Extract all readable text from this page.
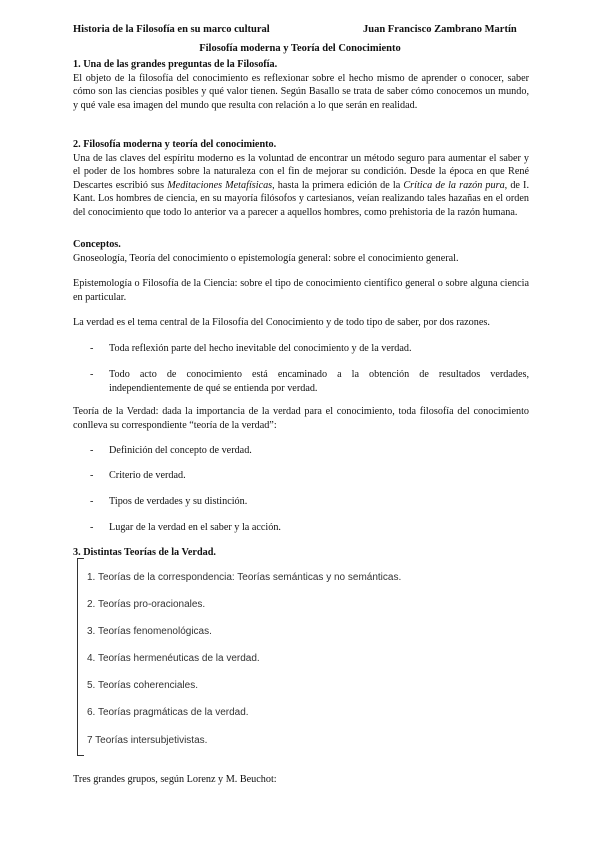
Historia de la Filosofía en su marco cultural	Juan Francisco Zambrano Martín
Filosofía moderna y Teoría del Conocimiento
1. Una de las grandes preguntas de la Filosofía.
El objeto de la filosofía del conocimiento es reflexionar sobre el hecho mismo de aprender o conocer, saber cómo son las ciencias posibles y qué valor tienen. Según Basallo se trata de saber cómo conocemos un mundo, y qué vale esa imagen del mundo que resulta con relación a lo que serán en realidad.
2. Filosofía moderna y teoría del conocimiento.
Una de las claves del espíritu moderno es la voluntad de encontrar un método seguro para aumentar el saber y el poder de los hombres sobre la naturaleza con el fin de mejorar su condición. Desde la época en que René Descartes escribió sus Meditaciones Metafísicas, hasta la primera edición de la Crítica de la razón pura, de I. Kant. Los hombres de ciencia, en su mayoría filósofos y cartesianos, veían realizando tales hazañas en el orden del conocimiento que todo lo anterior va a parecer a aquellos hombres, como prehistoria de la razón humana.
Conceptos.
Gnoseología, Teoría del conocimiento o epistemología general: sobre el conocimiento general.
Epistemología o Filosofía de la Ciencia: sobre el tipo de conocimiento científico general o sobre alguna ciencia en particular.
La verdad es el tema central de la Filosofía del Conocimiento y de todo tipo de saber, por dos razones.
- Toda reflexión parte del hecho inevitable del conocimiento y de la verdad.
- Todo acto de conocimiento está encaminado a la obtención de resultados verdades, independientemente de qué se entienda por verdad.
Teoría de la Verdad: dada la importancia de la verdad para el conocimiento, toda filosofía del conocimiento conlleva su correspondiente “teoría de la verdad”:
- Definición del concepto de verdad.
- Criterio de verdad.
- Tipos de verdades y su distinción.
- Lugar de la verdad en el saber y la acción.
3. Distintas Teorías de la Verdad.
1. Teorías de la correspondencia: Teorías semánticas y no semánticas.
2. Teorías pro-oracionales.
3. Teorías fenomenológicas.
4. Teorías hermenéuticas de la verdad.
5. Teorías coherenciales.
6. Teorías pragmáticas de la verdad.
7 Teorías intersubjetivistas.
Tres grandes grupos, según Lorenz y M. Beuchot:
